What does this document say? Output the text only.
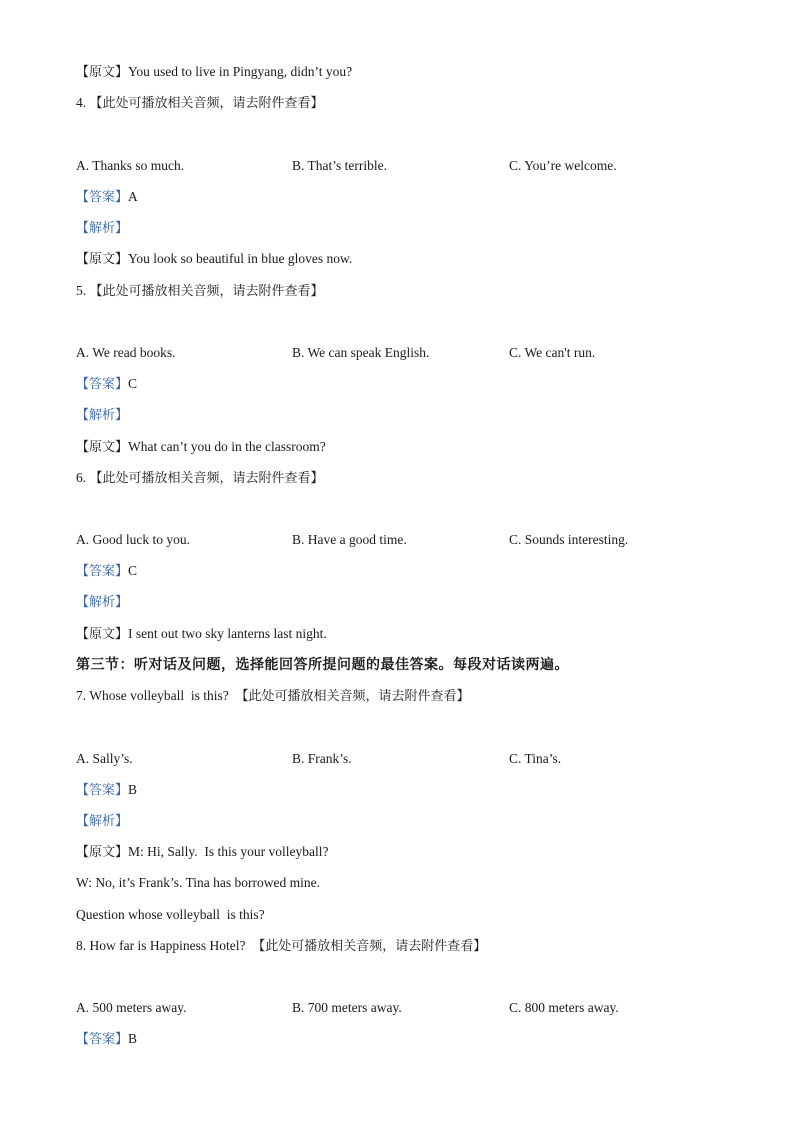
【原文】You used to live in Pingyang, didn’t you?
4. 【此处可播放相关音频，请去附件查看】
A. Thanks so much.	B. That’s terrible.	C. You’re welcome.
【答案】A
【解析】
【原文】You look so beautiful in blue gloves now.
5. 【此处可播放相关音频，请去附件查看】
A. We read books.	B. We can speak English.	C. We can't run.
【答案】C
【解析】
【原文】What can’t you do in the classroom?
6. 【此处可播放相关音频，请去附件查看】
A. Good luck to you.	B. Have a good time.	C. Sounds interesting.
【答案】C
【解析】
【原文】I sent out two sky lanterns last night.
第三节：听对话及问题，选择能回答所提问题的最佳答案。每段对话读两遍。
7. Whose volleyball  is this? 【此处可播放相关音频，请去附件查看】
A. Sally’s.	B. Frank’s.	C. Tina’s.
【答案】B
【解析】
【原文】M: Hi, Sally.  Is this your volleyball?
W: No, it’s Frank’s. Tina has borrowed mine.
Question whose volleyball  is this?
8. How far is Happiness Hotel? 【此处可播放相关音频，请去附件查看】
A. 500 meters away.	B. 700 meters away.	C. 800 meters away.
【答案】B
